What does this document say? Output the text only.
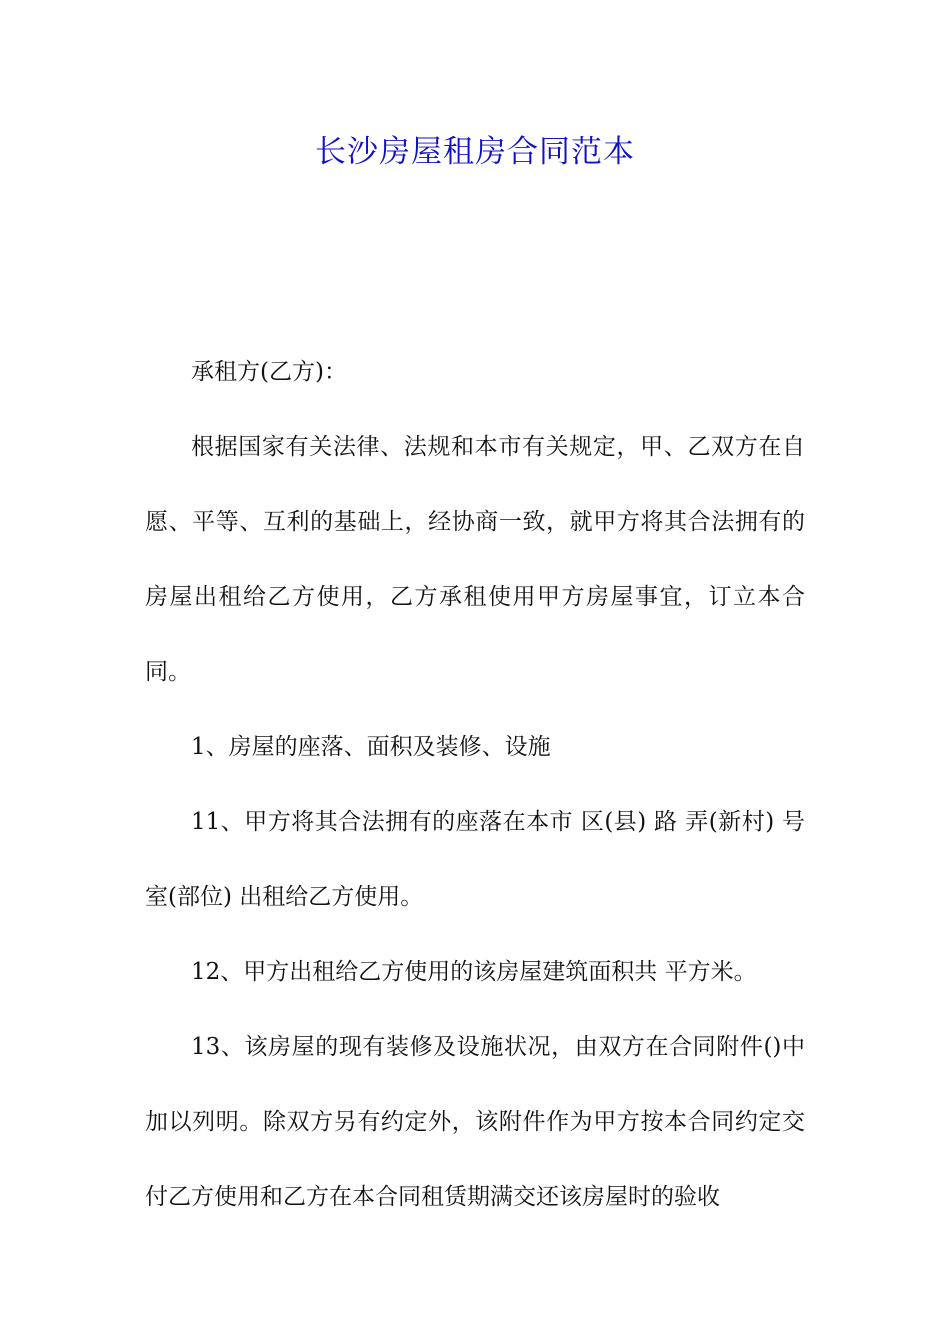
长沙房屋租房合同范本

承租方(乙方)：

根据国家有关法律、法规和本市有关规定，甲、乙双方在自愿、平等、互利的基础上，经协商一致，就甲方将其合法拥有的房屋出租给乙方使用，乙方承租使用甲方房屋事宜，订立本合同。

1、房屋的座落、面积及装修、设施

11、甲方将其合法拥有的座落在本市 区(县) 路 弄(新村) 号 室(部位) 出租给乙方使用。

12、甲方出租给乙方使用的该房屋建筑面积共 平方米。

13、该房屋的现有装修及设施状况，由双方在合同附件()中加以列明。除双方另有约定外，该附件作为甲方按本合同约定交付乙方使用和乙方在本合同租赁期满交还该房屋时的验收
